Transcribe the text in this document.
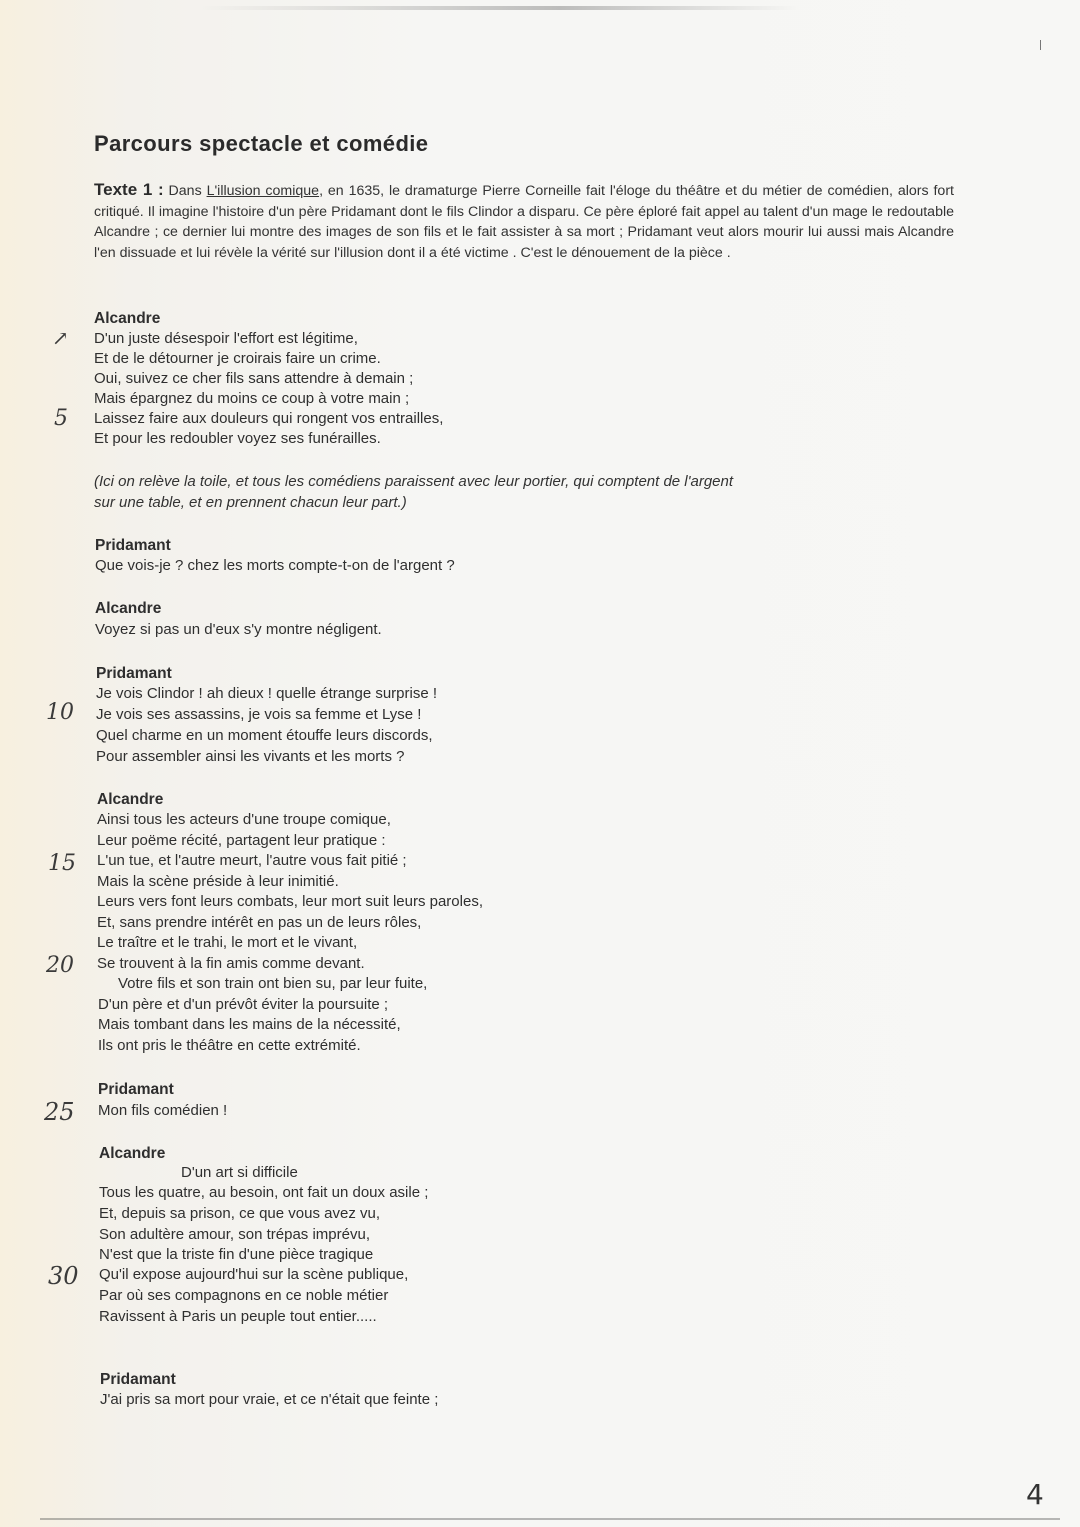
Parcours spectacle et comédie

Texte 1 : Dans L'illusion comique, en 1635, le dramaturge Pierre Corneille fait l'éloge du théâtre et du métier de comédien, alors fort critiqué. Il imagine l'histoire d'un père Pridamant dont le fils Clindor a disparu. Ce père éploré fait appel au talent d'un mage le redoutable Alcandre ; ce dernier lui montre des images de son fils et le fait assister à sa mort ; Pridamant veut alors mourir lui aussi mais Alcandre l'en dissuade et lui révèle la vérité sur l'illusion dont il a été victime . C'est le dénouement de la pièce .

Alcandre

D'un juste désespoir l'effort est légitime,

Et de le détourner je croirais faire un crime.

Oui, suivez ce cher fils sans attendre à demain ;

Mais épargnez du moins ce coup à votre main ;

Laissez faire aux douleurs qui rongent vos entrailles,

Et pour les redoubler voyez ses funérailles.

(Ici on relève la toile, et tous les comédiens paraissent avec leur portier, qui comptent de l'argent sur une table, et en prennent chacun leur part.)

Pridamant

Que vois-je ? chez les morts compte-t-on de l'argent ?

Alcandre

Voyez si pas un d'eux s'y montre négligent.

Pridamant

Je vois Clindor ! ah dieux ! quelle étrange surprise !

Je vois ses assassins, je vois sa femme et Lyse !

Quel charme en un moment étouffe leurs discords,

Pour assembler ainsi les vivants et les morts ?

Alcandre

Ainsi tous les acteurs d'une troupe comique,

Leur poëme récité, partagent leur pratique :

L'un tue, et l'autre meurt, l'autre vous fait pitié ;

Mais la scène préside à leur inimitié.

Leurs vers font leurs combats, leur mort suit leurs paroles,

Et, sans prendre intérêt en pas un de leurs rôles,

Le traître et le trahi, le mort et le vivant,

Se trouvent à la fin amis comme devant.

Votre fils et son train ont bien su, par leur fuite,

D'un père et d'un prévôt éviter la poursuite ;

Mais tombant dans les mains de la nécessité,

Ils ont pris le théâtre en cette extrémité.

Pridamant

Mon fils comédien !

Alcandre

D'un art si difficile

Tous les quatre, au besoin, ont fait un doux asile ;

Et, depuis sa prison, ce que vous avez vu,

Son adultère amour, son trépas imprévu,

N'est que la triste fin d'une pièce tragique

Qu'il expose aujourd'hui sur la scène publique,

Par où ses compagnons en ce noble métier

Ravissent à Paris un peuple tout entier.....

Pridamant

J'ai pris sa mort pour vraie, et ce n'était que feinte ;

↗
5
10
15
20
25
30
4
